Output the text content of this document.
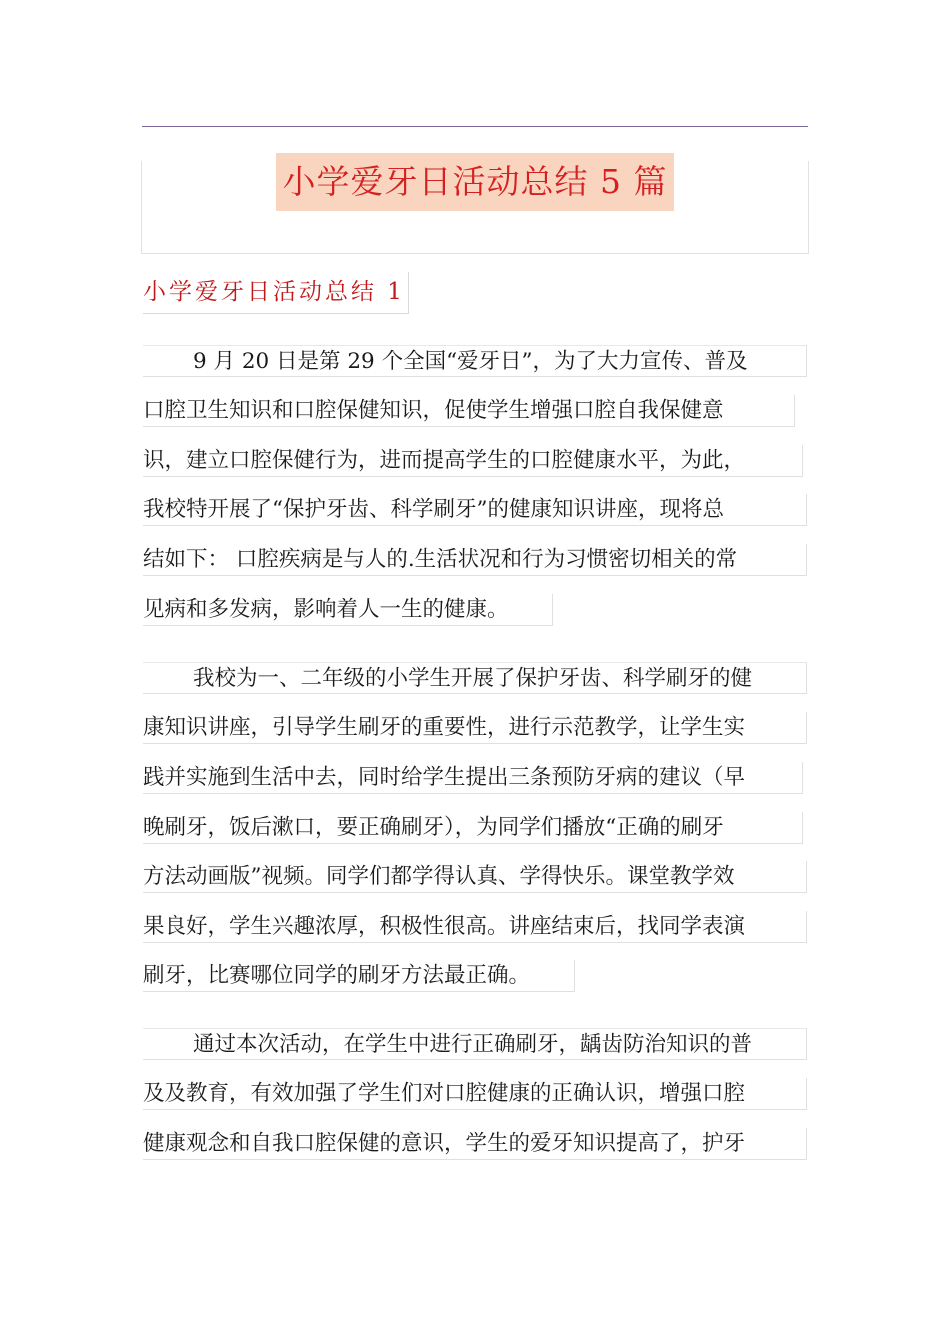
小学爱牙日活动总结 5 篇
小学爱牙日活动总结 1
9 月 20 日是第 29 个全国“爱牙日”，为了大力宣传、普及
口腔卫生知识和口腔保健知识，促使学生增强口腔自我保健意
识，建立口腔保健行为，进而提高学生的口腔健康水平，为此，
我校特开展了“保护牙齿、科学刷牙”的健康知识讲座，现将总
结如下： 口腔疾病是与人的.生活状况和行为习惯密切相关的常
见病和多发病，影响着人一生的健康。
我校为一、二年级的小学生开展了保护牙齿、科学刷牙的健
康知识讲座，引导学生刷牙的重要性，进行示范教学，让学生实
践并实施到生活中去，同时给学生提出三条预防牙病的建议（早
晚刷牙，饭后漱口，要正确刷牙），为同学们播放“正确的刷牙
方法动画版”视频。同学们都学得认真、学得快乐。课堂教学效
果良好，学生兴趣浓厚，积极性很高。讲座结束后，找同学表演
刷牙，比赛哪位同学的刷牙方法最正确。
通过本次活动，在学生中进行正确刷牙，龋齿防治知识的普
及及教育，有效加强了学生们对口腔健康的正确认识，增强口腔
健康观念和自我口腔保健的意识，学生的爱牙知识提高了，护牙
